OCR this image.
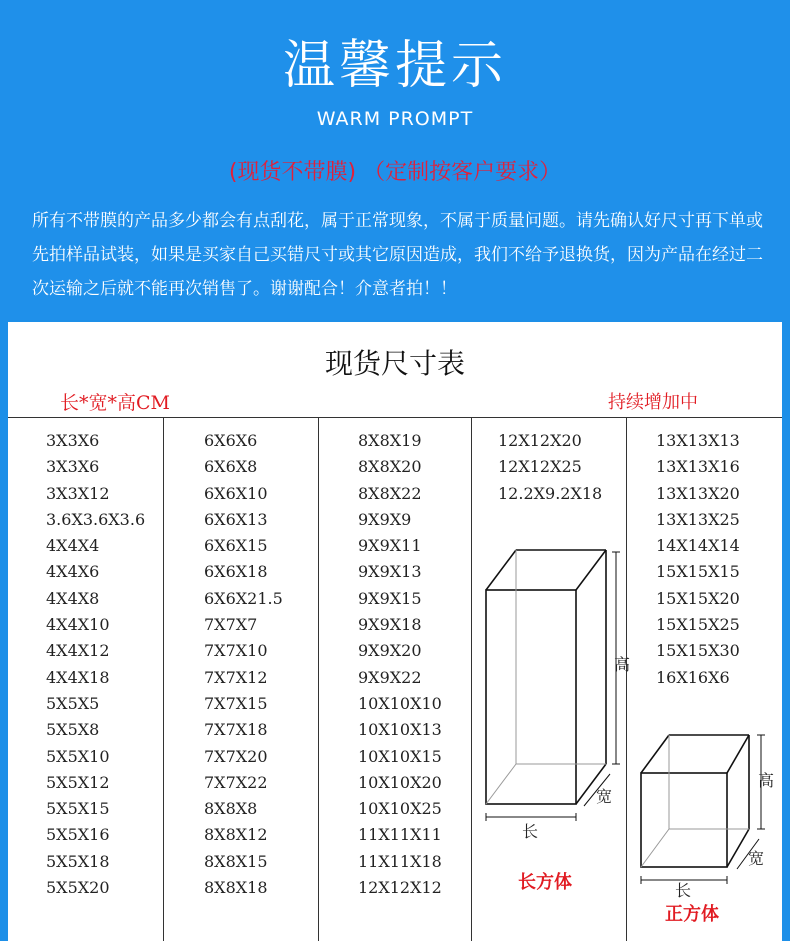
温馨提示
WARM PROMPT
(现货不带膜) （定制按客户要求）
所有不带膜的产品多少都会有点刮花，属于正常现象，不属于质量问题。请先确认好尺寸再下单或先拍样品试装，如果是买家自己买错尺寸或其它原因造成，我们不给予退换货，因为产品在经过二次运输之后就不能再次销售了。谢谢配合！介意者拍！！
现货尺寸表
长*宽*高CM	持续增加中
3X3X6
3X3X6
3X3X12
3.6X3.6X3.6
4X4X4
4X4X6
4X4X8
4X4X10
4X4X12
4X4X18
5X5X5
5X5X8
5X5X10
5X5X12
5X5X15
5X5X16
5X5X18
5X5X20
6X6X6
6X6X8
6X6X10
6X6X13
6X6X15
6X6X18
6X6X21.5
7X7X7
7X7X10
7X7X12
7X7X15
7X7X18
7X7X20
7X7X22
8X8X8
8X8X12
8X8X15
8X8X18
8X8X19
8X8X20
8X8X22
9X9X9
9X9X11
9X9X13
9X9X15
9X9X18
9X9X20
9X9X22
10X10X10
10X10X13
10X10X15
10X10X20
10X10X25
11X11X11
11X11X18
12X12X12
12X12X20
12X12X25
12.2X9.2X18
13X13X13
13X13X16
13X13X20
13X13X25
14X14X14
15X15X15
15X15X20
15X15X25
15X15X30
16X16X6
高
宽
长
长方体
高
宽
长
正方体
